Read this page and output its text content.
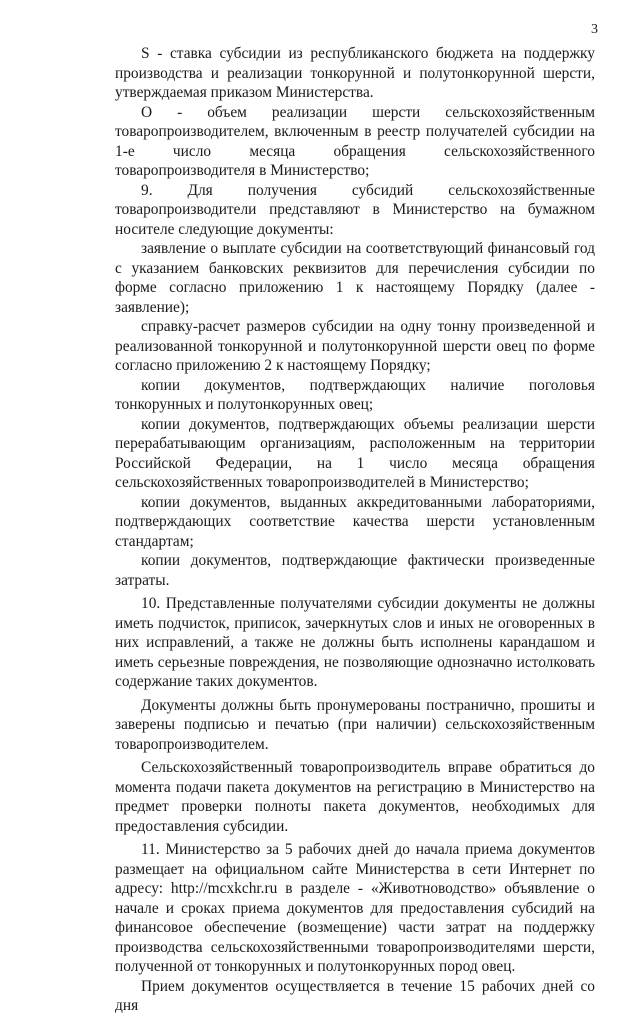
3

S - ставка субсидии из республиканского бюджета на поддержку производства и реализации тонкорунной и полутонкорунной шерсти, утверждаемая приказом Министерства.

О - объем реализации шерсти сельскохозяйственным товаропроизводителем, включенным в реестр получателей субсидии на 1-е число месяца обращения сельскохозяйственного товаропроизводителя в Министерство;

9. Для получения субсидий сельскохозяйственные товаропроизводители представляют в Министерство на бумажном носителе следующие документы:

заявление о выплате субсидии на соответствующий финансовый год с указанием банковских реквизитов для перечисления субсидии по форме согласно приложению 1 к настоящему Порядку (далее - заявление);

справку-расчет размеров субсидии на одну тонну произведенной и реализованной тонкорунной и полутонкорунной шерсти овец по форме согласно приложению 2 к настоящему Порядку;

копии документов, подтверждающих наличие поголовья тонкорунных и полутонкорунных овец;

копии документов, подтверждающих объемы реализации шерсти перерабатывающим организациям, расположенным на территории Российской Федерации, на 1 число месяца обращения сельскохозяйственных товаропроизводителей в Министерство;

копии документов, выданных аккредитованными лабораториями, подтверждающих соответствие качества шерсти установленным стандартам;

копии документов, подтверждающие фактически произведенные затраты.

10. Представленные получателями субсидии документы не должны иметь подчисток, приписок, зачеркнутых слов и иных не оговоренных в них исправлений, а также не должны быть исполнены карандашом и иметь серьезные повреждения, не позволяющие однозначно истолковать содержание таких документов.

Документы должны быть пронумерованы постранично, прошиты и заверены подписью и печатью (при наличии) сельскохозяйственным товаропроизводителем.

Сельскохозяйственный товаропроизводитель вправе обратиться до момента подачи пакета документов на регистрацию в Министерство на предмет проверки полноты пакета документов, необходимых для предоставления субсидии.

11. Министерство за 5 рабочих дней до начала приема документов размещает на официальном сайте Министерства в сети Интернет по адресу: http://mcxkchr.ru в разделе - «Животноводство» объявление о начале и сроках приема документов для предоставления субсидий на финансовое обеспечение (возмещение) части затрат на поддержку производства сельскохозяйственными товаропроизводителями шерсти, полученной от тонкорунных и полутонкорунных пород овец.

Прием документов осуществляется в течение 15 рабочих дней со дня
